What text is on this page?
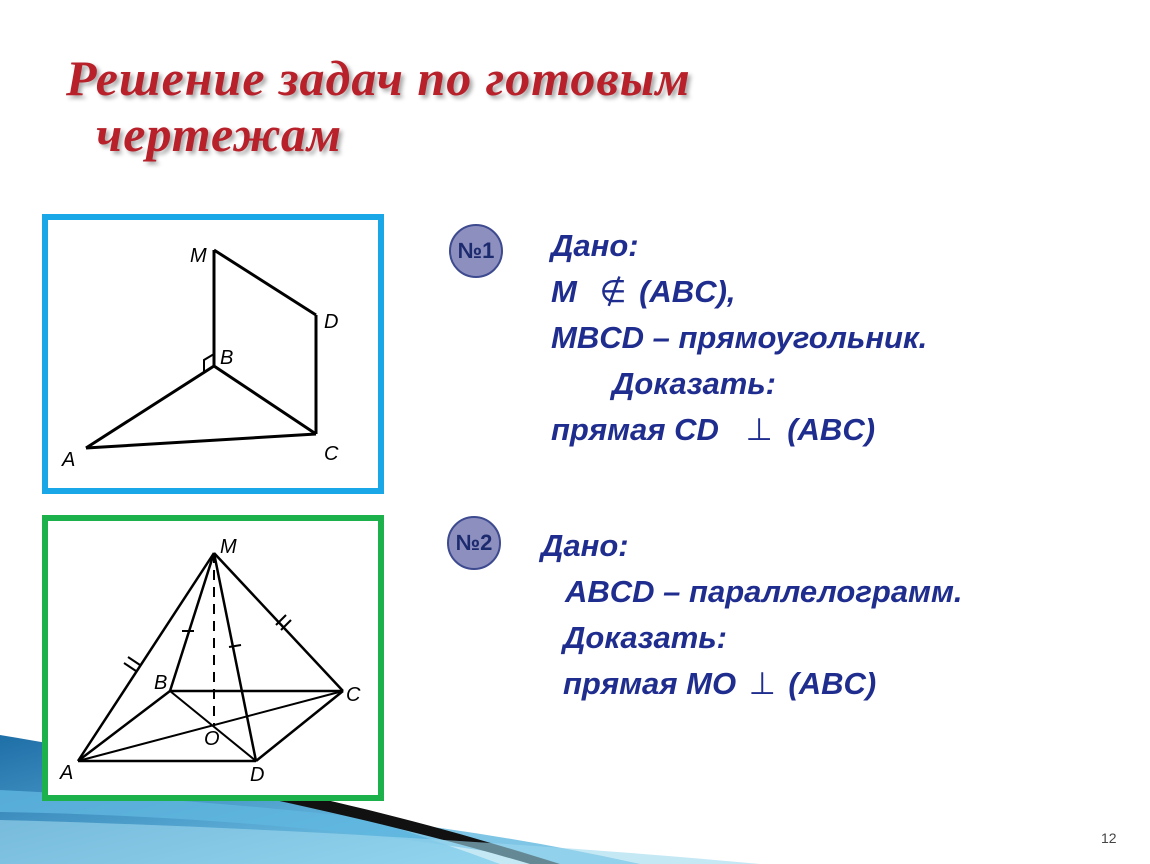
Решение задач по готовым
чертежам
M
D
B
A	C
M
B
C
O
A	D
№1 Дано:
M ∉ (ABC),
MBCD – прямоугольник.
Доказать:
прямая CD ⊥ (ABC)
№2 Дано:
ABCD – параллелограмм.
Доказать:
прямая MO ⊥ (ABC)
12
